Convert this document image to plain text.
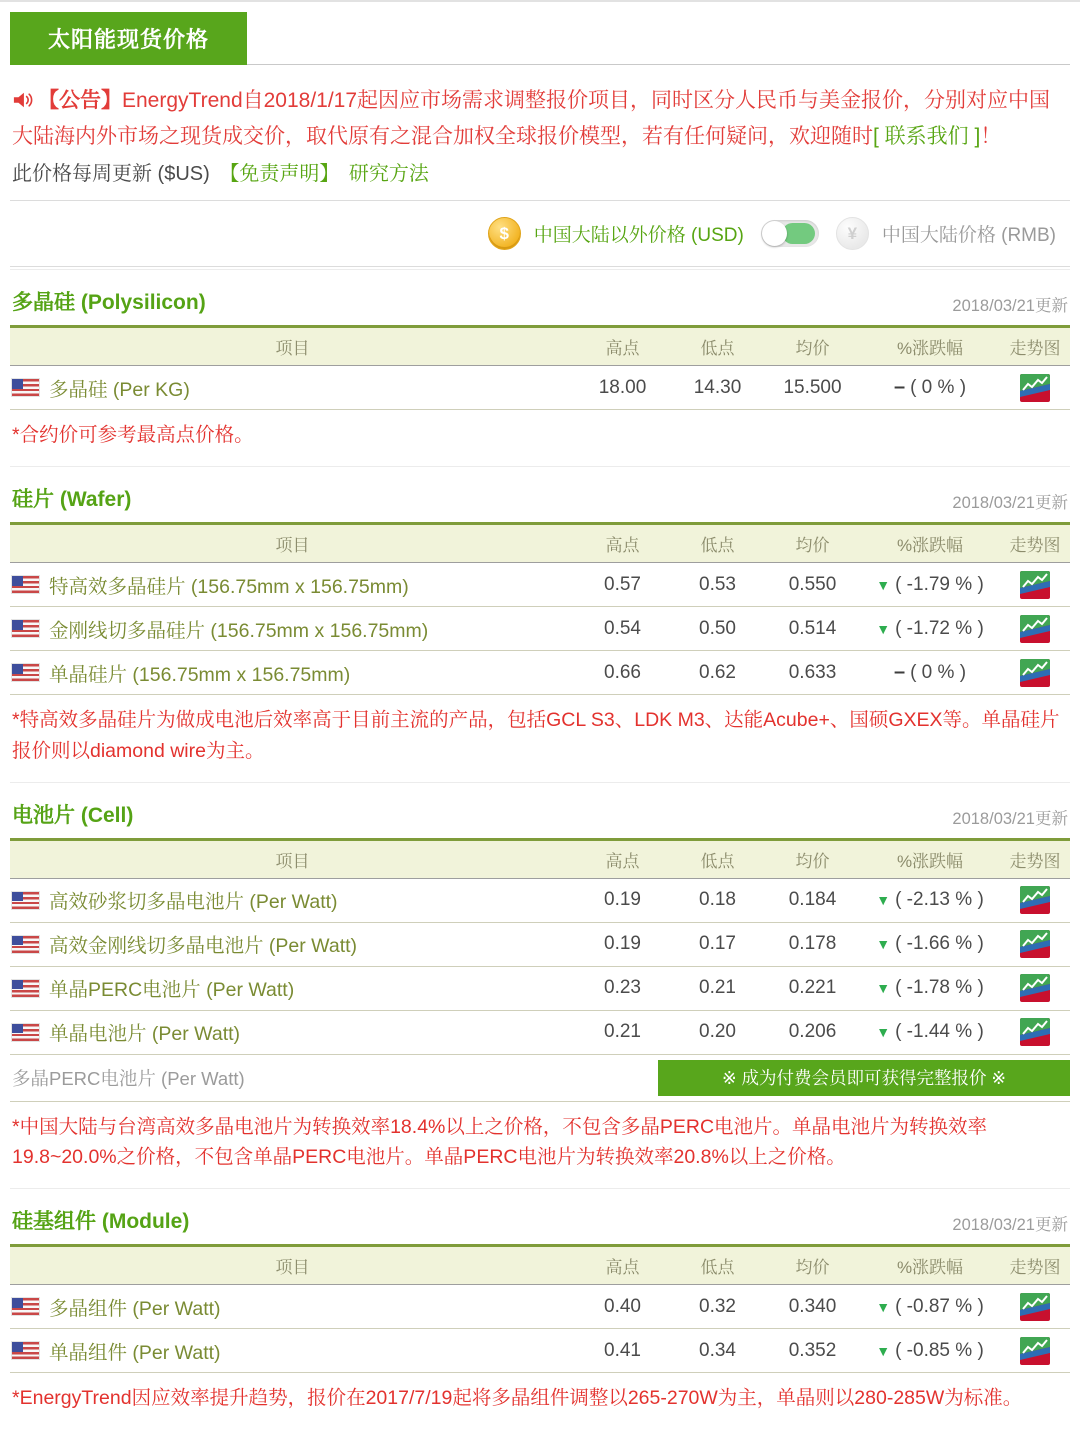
太阳能现货价格

【公告】EnergyTrend自2018/1/17起因应市场需求调整报价项目，同时区分人民币与美金报价，分别对应中国大陆海内外市场之现货成交价，取代原有之混合加权全球报价模型，若有任何疑问，欢迎随时[ 联系我们 ]！

此价格每周更新 ($US) 【免责声明】 研究方法

$ 中国大陆以外价格 (USD)	¥ 中国大陆价格 (RMB)
多晶硅 (Polysilicon)	2018/03/21更新
项目	高点	低点	均价	%涨跌幅	走势图
多晶硅 (Per KG)	18.00	14.30	15.500 –	( 0 % )

*合约价可参考最高点价格。

硅片 (Wafer)	2018/03/21更新
项目	高点	低点	均价	%涨跌幅	走势图
特高效多晶硅片 (156.75mm x 156.75mm)	0.57	0.53	0.550 ▼	( -1.79 % )
金刚线切多晶硅片 (156.75mm x 156.75mm)	0.54	0.50	0.514 ▼	( -1.72 % )
单晶硅片 (156.75mm x 156.75mm)	0.66	0.62	0.633 –	( 0 % )

*特高效多晶硅片为做成电池后效率高于目前主流的产品，包括GCL S3、LDK M3、达能Acube+、国硕GXEX等。单晶硅片报价则以diamond wire为主。

电池片 (Cell)	2018/03/21更新
项目	高点	低点	均价	%涨跌幅	走势图
高效砂浆切多晶电池片 (Per Watt)	0.19	0.18	0.184 ▼	( -2.13 % )
高效金刚线切多晶电池片 (Per Watt)	0.19	0.17	0.178 ▼	( -1.66 % )
单晶PERC电池片 (Per Watt)	0.23	0.21	0.221 ▼	( -1.78 % )
单晶电池片 (Per Watt)	0.21	0.20	0.206 ▼	( -1.44 % )
多晶PERC电池片 (Per Watt)	※ 成为付费会员即可获得完整报价 ※

*中国大陆与台湾高效多晶电池片为转换效率18.4%以上之价格，不包含多晶PERC电池片。单晶电池片为转换效率19.8~20.0%之价格，不包含单晶PERC电池片。单晶PERC电池片为转换效率20.8%以上之价格。

硅基组件 (Module)	2018/03/21更新
项目	高点	低点	均价	%涨跌幅	走势图
多晶组件 (Per Watt)	0.40	0.32	0.340 ▼	( -0.87 % )
单晶组件 (Per Watt)	0.41	0.34	0.352 ▼	( -0.85 % )

*EnergyTrend因应效率提升趋势，报价在2017/7/19起将多晶组件调整以265-270W为主，单晶则以280-285W为标准。
